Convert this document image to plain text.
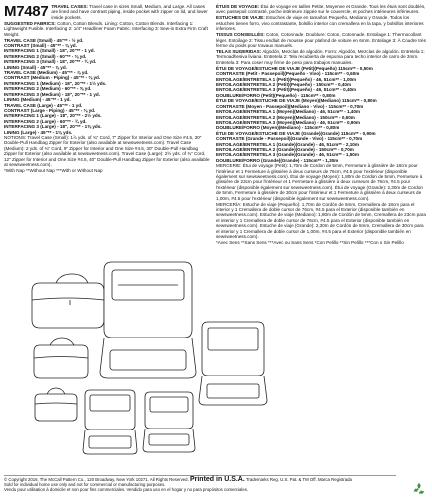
M7487 TRAVEL CASES: Travel case in sizes Small, Medium, and Large. All cases are lined and have contrast piping, inside pocket with zipper on lid, and lower inside pockets.
SUGGESTED FABRICS: Cotton, Cotton Blends. Lining: Cotton, Cotton Blends. Interfacing 1: Lightweight Fusible. Interfacing 2: 1/4" Headliner Foam Fabric. Interfacing 3: Sew-in Extra Firm Craft Weight.
TRAVEL CASE (Small) - 45"** - ½ yd.
CONTRAST (Small) - 45"** - ⅜ yd.
INTERFACING 1 (Small) - 18", 20"** - 1 yd.
INTERFACING 2 (Small) - 60"** - ⅜ yd.
INTERFACING 3 (Small) - 18", 20"** - ¾ yd.
LINING (Small) - 45"** - ⅞ yd.
TRAVEL CASE (Medium) - 45"** - ⅞ yd.
CONTRAST (Medium - Piping) - 45"** - ⅜ yd.
INTERFACING 1 (Medium) - 18", 20"** - 1½ yds.
INTERFACING 2 (Medium) - 60"** - ⅝ yd.
INTERFACING 3 (Medium) - 18", 20"** - 1 yd.
LINING (Medium) - 45"** - 1 yd.
TRAVEL CASE (Large) - 45"** - 1 yd.
CONTRAST (Large - Piping) - 45"** - ⅜ yd.
INTERFACING 1 (Large) - 18", 20"** - 2½ yds.
INTERFACING 2 (Large) - 60"** - ¾ yd.
INTERFACING 3 (Large) - 18", 20"** - 1⅝ yds.
LINING (Large) - 45"** - 1⅜ yds.
NOTIONS: Travel Case (Small): 1⅞ yds. of ¾" Cord, 7" Zipper for Interior and One Size #4.5, 30" Double-Pull Handbag Zipper for Exterior (also available at sewsweetness.com). Travel Case (Medium): 2 yds. of ¾" Cord, 9" Zipper for Interior and One Size #4.5, 30" Double-Pull Handbag Zipper for Exterior (also available at sewsweetness.com). Travel Case (Large): 2½ yds. of ¾" Cord, 12" Zipper for Interior and One Size #4.5, 40" Double-Pull Handbag Zipper for Exterior (also available at sewsweetness.com).
*With Nap **Without Nap ***With or Without Nap
ÉTUIS DE VOYAGE: Étui de voyage en tailles Petite, Moyenne et Grande. Tous les étuis sont doublés, avec passepoil contrasté, poche intérieure zippée sur le couvercle, et poches intérieures inférieures.
ESTUCHES DE VIAJE: Estuches de viaje en tamaños Pequeño, Mediano y Grande. Todos los estuches tienen forro, vivo contrastante, bolsillo interior con cremallera en la tapa, y bolsillos interiores inferiores.
TISSUS CONSEILLÉS: Coton, Cotonnade. Doublure: Coton, Cotonnade. Entoilage 1: Thermocollant léger. Entoilage 2: Tissu endluit de mousse pour plafond de voiture en 6mm. Entoilage 3: À Coudre très ferme du poids pour travaux manuels.
TELAS SUGERIDAS: Algodón, Mezclas de algodón. Forro: Algodón, Mezclas de algodón. Entretela 1: Termoadhesiva liviana. Entretela 2: Tela recubierta de espuma para techo interior de carro de 3mm. Entretela 3: Para coser muy firme de peso para trabajos manuales.
ÉTUI DE VOYAGE/ESTUCHE DE VIAJE (Petit)(Pequeño) 115cm** - 0,50m
CONTRASTE (Petit - Passepoil)(Pequeño - Vivo) - 115cm** - 0,60m
ENTOILAGE/ENTRETELA 1 (Petit)(Pequeño) - 46, 51cm** - 1,00m
ENTOILAGE/ENTRETELA 2 (Petit)(Pequeño) - 150cm** - 0,40m
ENTOILAGE/ENTRETELA 3 (Petit)(Pequeño) - 46, 51cm** - 0,40m
DOUBLURE/FORRO (Petit)(Pequeño) - 115cm** - 0,80m
ÉTUI DE VOYAGE/ESTUCHE DE VIAJE (Moyen)(Mediano) 115cm** - 0,80m
CONTRASTE (Moyen - Passepoil)(Mediano - Vivo) - 115cm** - 0,70m
ENTOILAGE/ENTRETELA 1 (Moyen)(Mediano) - 46, 51cm** - 1,40m
ENTOILAGE/ENTRETELA 2 (Moyen)(Mediano) - 150cm** - 0,60m
ENTOILAGE/ENTRETELA 3 (Moyen)(Mediano) - 46, 51cm** - 0,90m
DOUBLURE/FORRO (Moyen)(Mediano) - 115cm** - 0,80m
ÉTUI DE VOYAGE/ESTUCHE DE VIAJE (Grande)(Grande) 115cm** - 0,90m
CONTRASTE (Grande - Passepoil)(Grande - Vivo) - 115cm** - 0,70m
ENTOILAGE/ENTRETELA 1 (Grande)(Grande) - 46, 51cm** - 2,10m
ENTOILAGE/ENTRETELA 2 (Grande)(Grande) - 150cm** - 0,70m
ENTOILAGE/ENTRETELA 3 (Grande)(Grande) - 46, 51cm** - 1,50m
DOUBLURE/FORRO (Grande)(Grande) - 115cm** - 1,30m
MERCERIE: Étui de voyage (Petit): 1,70m de Cordon de 5mm, Fermeture à glissière de 18cm pour l'intérieur et 1 Fermeture à glissière à deux curseurs de 76cm, #4.5 pour l'extérieur (disponible également sur sewsweetness.com). Étui de voyage (Moyen): 1,80m de Cordon de 5mm, Fermeture à glissière de 23cm pour l'intérieur et 1 Fermeture à glissière à deux curseurs de 76cm, #4.5 pour l'extérieur (disponible également sur sewsweetness.com). Étui de voyage (Grande): 2,30m de Cordon de 5mm, Fermeture à glissière de 30cm pour l'intérieur et 1 Fermeture à glissière à deux curseurs de 1,00m, #4.5 pour l'extérieur (disponible également sur sewsweetness.com).
MERCERÍA: Estuche de viaje (Pequeño): 1,70m de Cordón de 5mm, Cremallera de 18cm para el interior y 1 Cremallera de doble cursor de 76cm, #4.5 para el Exterior (disponible también en sewsweetness.com). Estuche de viaje (Mediano): 1,80m de Cordón de 5mm, Cremallera de 23cm para el interior y 1 Cremallera de doble cursor de 76cm, #4.5 para el Exterior (disponible también en sewsweetness.com). Estuche de viaje (Grande): 2,30m de Cordón de 5mm, Cremallera de 30cm para el interior y 1 Cremallera de doble cursor de 1,00m, #4.5 para el Exterior (disponible también en sewsweetness.com).
*Avec Sens **Sans Sens ***Avec ou Sans Sens *Con Pelillo **Sin Pelillo ***Con o Sin Pelillo
© Copyright 2016, The McCall Pattern Co., 120 Broadway, New York 10271. All Rights Reserved. Printed in U.S.A. Trademarks Reg. U.S. Pat. & TM Off. Marca Registrada
Sold for individual home use only and not for commercial or manufacturing purposes.
Vendu pour utilisation à domicile et non pour fins commerciales. Vendido para uso en el hogar y no para propósitos comerciales.
